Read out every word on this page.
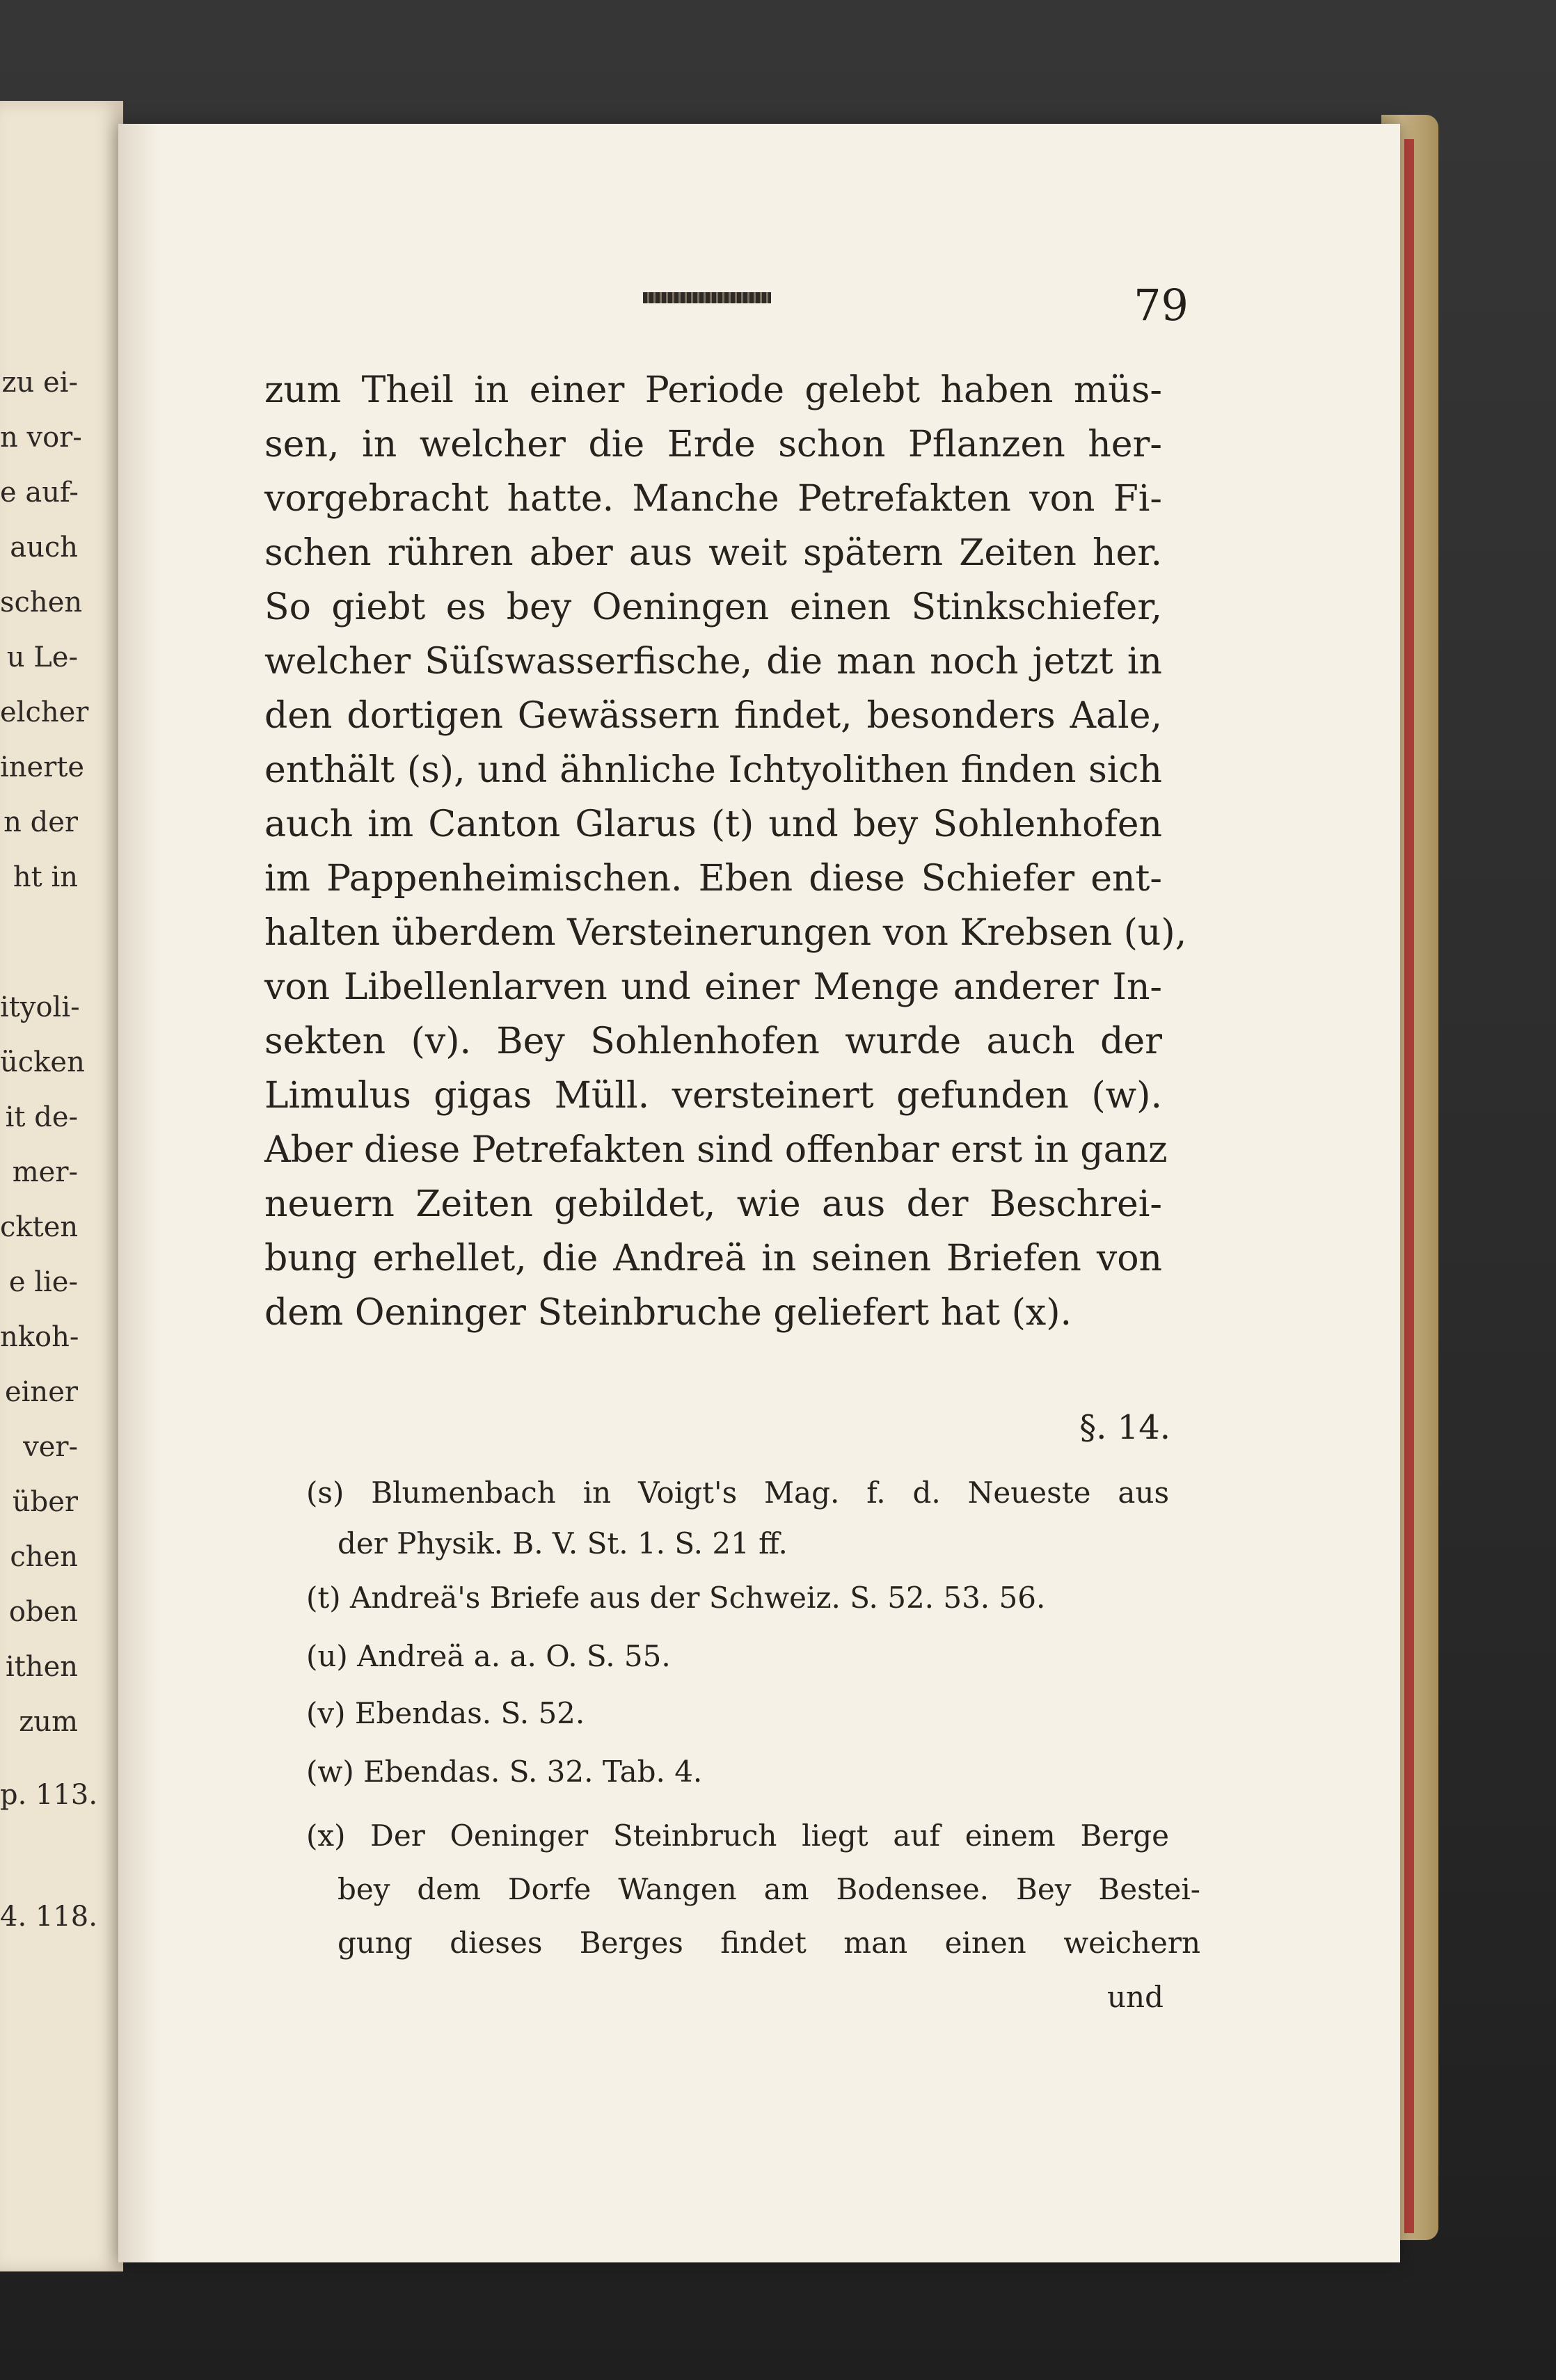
zu ei-
n vor-
e auf-
auch
schen
u Le-
elcher
inerte
n der
ht in
ityoli-
ücken
it de-
mer-
ckten
e lie-
nkoh-
einer
ver-
über
chen
oben
ithen
zum
p. 113.
4. 118.
79
zum Theil in einer Periode gelebt haben müs-
sen, in welcher die Erde schon Pflanzen her-
vorgebracht hatte. Manche Petrefakten von Fi-
schen rühren aber aus weit spätern Zeiten her.
So giebt es bey Oeningen einen Stinkschiefer,
welcher Süſswasserfische, die man noch jetzt in
den dortigen Gewässern findet, besonders Aale,
enthält (s), und ähnliche Ichtyolithen finden sich
auch im Canton Glarus (t) und bey Sohlenhofen
im Pappenheimischen. Eben diese Schiefer ent-
halten überdem Versteinerungen von Krebsen (u),
von Libellenlarven und einer Menge anderer In-
sekten (v). Bey Sohlenhofen wurde auch der
Limulus gigas Müll. versteinert gefunden (w).
Aber diese Petrefakten sind offenbar erst in ganz
neuern Zeiten gebildet, wie aus der Beschrei-
bung erhellet, die Andreä in seinen Briefen von
dem Oeninger Steinbruche geliefert hat (x).
§. 14.
(s) Blumenbach in Voigt's Mag. f. d. Neueste aus
der Physik. B. V. St. 1. S. 21 ff.
(t) Andreä's Briefe aus der Schweiz. S. 52. 53. 56.
(u) Andreä a. a. O. S. 55.
(v) Ebendas. S. 52.
(w) Ebendas. S. 32. Tab. 4.
(x) Der Oeninger Steinbruch liegt auf einem Berge
bey dem Dorfe Wangen am Bodensee. Bey Bestei-
gung dieses Berges findet man einen weichern
und
